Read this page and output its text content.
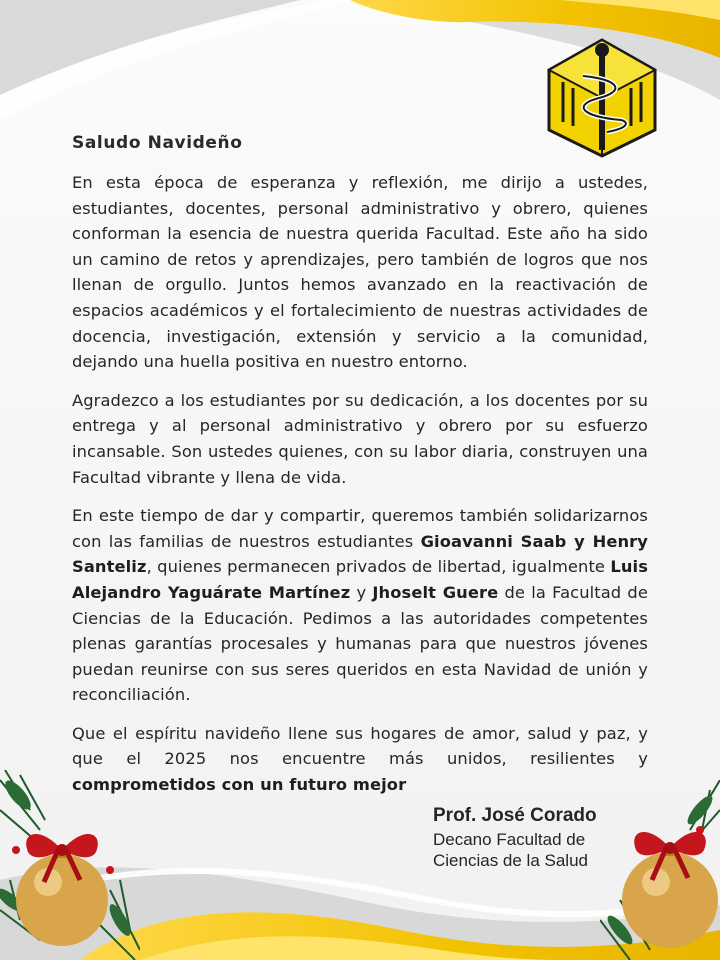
Saludo Navideño

En esta época de esperanza y reflexión, me dirijo a ustedes, estudiantes, docentes, personal administrativo y obrero, quienes conforman la esencia de nuestra querida Facultad. Este año ha sido un camino de retos y aprendizajes, pero también de logros que nos llenan de orgullo. Juntos hemos avanzado en la reactivación de espacios académicos y el fortalecimiento de nuestras actividades de docencia, investigación, extensión y servicio a la comunidad, dejando una huella positiva en nuestro entorno.

Agradezco a los estudiantes por su dedicación, a los docentes por su entrega y al personal administrativo y obrero por su esfuerzo incansable. Son ustedes quienes, con su labor diaria, construyen una Facultad vibrante y llena de vida.

En este tiempo de dar y compartir, queremos también solidarizarnos con las familias de nuestros estudiantes Gioavanni Saab y Henry Santeliz, quienes permanecen privados de libertad, igualmente Luis Alejandro Yaguárate Martínez y Jhoselt Guere de la Facultad de Ciencias de la Educación. Pedimos a las autoridades competentes plenas garantías procesales y humanas para que nuestros jóvenes puedan reunirse con sus seres queridos en esta Navidad de unión y reconciliación.

Que el espíritu navideño llene sus hogares de amor, salud y paz, y que el 2025 nos encuentre más unidos, resilientes y comprometidos con un futuro mejor

Prof. José Corado
Decano Facultad de
Ciencias de la Salud
